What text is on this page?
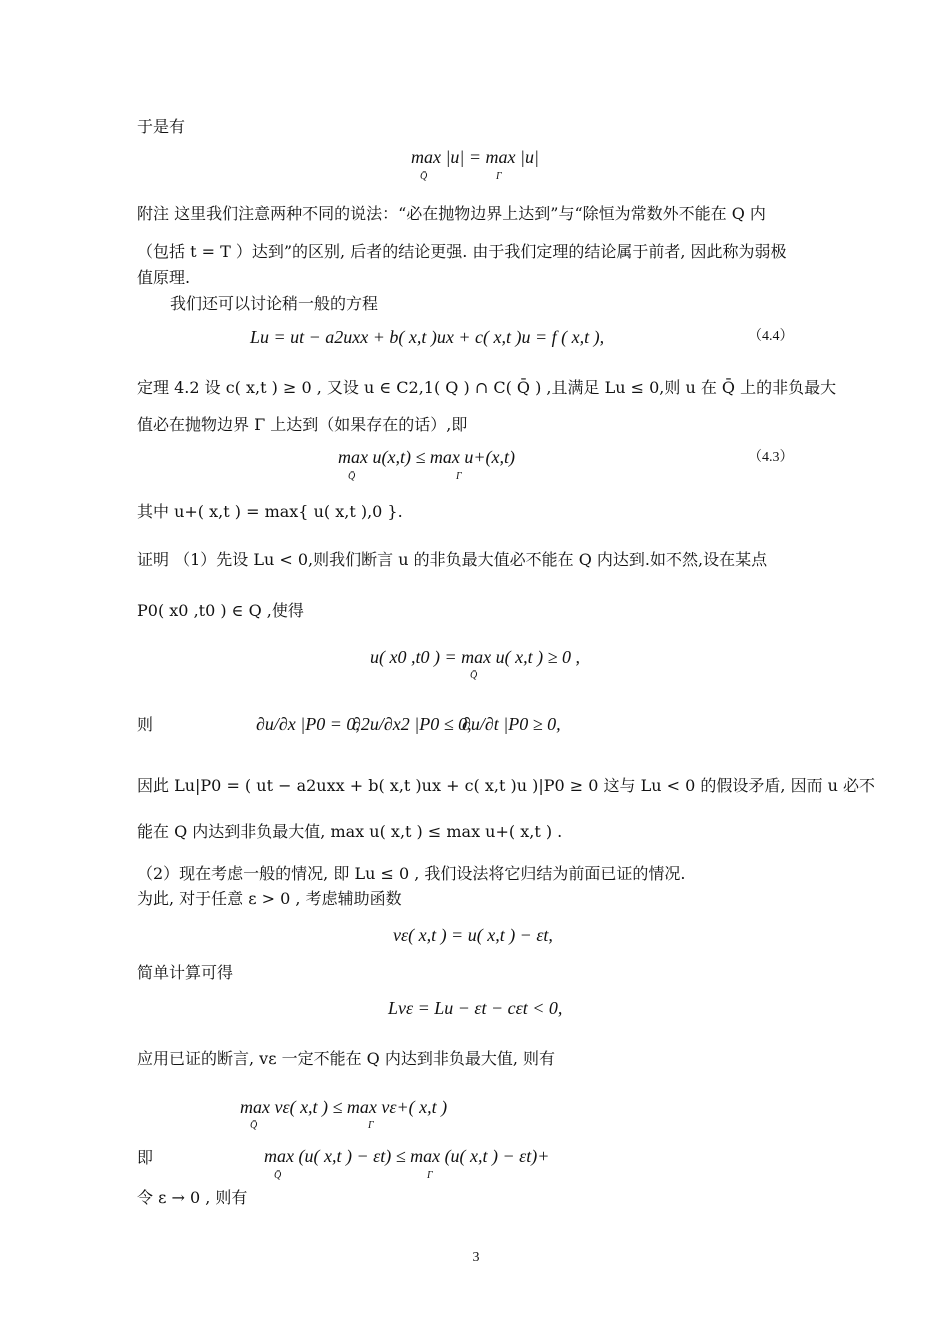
于是有
max |u| = max |u|
Q̄	Γ
附注 这里我们注意两种不同的说法：“必在抛物边界上达到”与“除恒为常数外不能在 Q 内
（包括 t = T ）达到”的区别, 后者的结论更强. 由于我们定理的结论属于前者, 因此称为弱极
值原理.
我们还可以讨论稍一般的方程
Lu = ut − a2uxx + b( x,t )ux + c( x,t )u = f ( x,t ),	（4.4）
定理 4.2 设 c( x,t ) ≥ 0 , 又设 u ∈ C2,1( Q ) ∩ C( Q̄ ) ,且满足 Lu ≤ 0,则 u 在 Q̄ 上的非负最大
值必在抛物边界 Γ 上达到（如果存在的话）,即
max u(x,t) ≤ max u+(x,t)
Q̄	Γ
（4.3）
其中 u+( x,t ) = max{ u( x,t ),0 }.
证明 （1）先设 Lu < 0,则我们断言 u 的非负最大值必不能在 Q 内达到.如不然,设在某点
P0( x0 ,t0 ) ∈ Q ,使得
u( x0 ,t0 ) = max u( x,t ) ≥ 0 ,
Q̄
则	∂u/∂x |P0 = 0,
∂2u/∂x2 |P0 ≤ 0,
∂u/∂t |P0 ≥ 0,
因此 Lu|P0 = ( ut − a2uxx + b( x,t )ux + c( x,t )u )|P0 ≥ 0 这与 Lu < 0 的假设矛盾, 因而 u 必不
能在 Q 内达到非负最大值, max u( x,t ) ≤ max u+( x,t ) .
（2）现在考虑一般的情况, 即 Lu ≤ 0 , 我们设法将它归结为前面已证的情况.
为此, 对于任意 ε > 0 , 考虑辅助函数
vε( x,t ) = u( x,t ) − εt,
简单计算可得
Lvε = Lu − εt − cεt < 0,
应用已证的断言, vε 一定不能在 Q 内达到非负最大值, 则有
max vε( x,t ) ≤ max vε+( x,t )
Q̄	Γ
即	max (u( x,t ) − εt) ≤ max (u( x,t ) − εt)+
Q̄	Γ
令 ε → 0 , 则有
3
